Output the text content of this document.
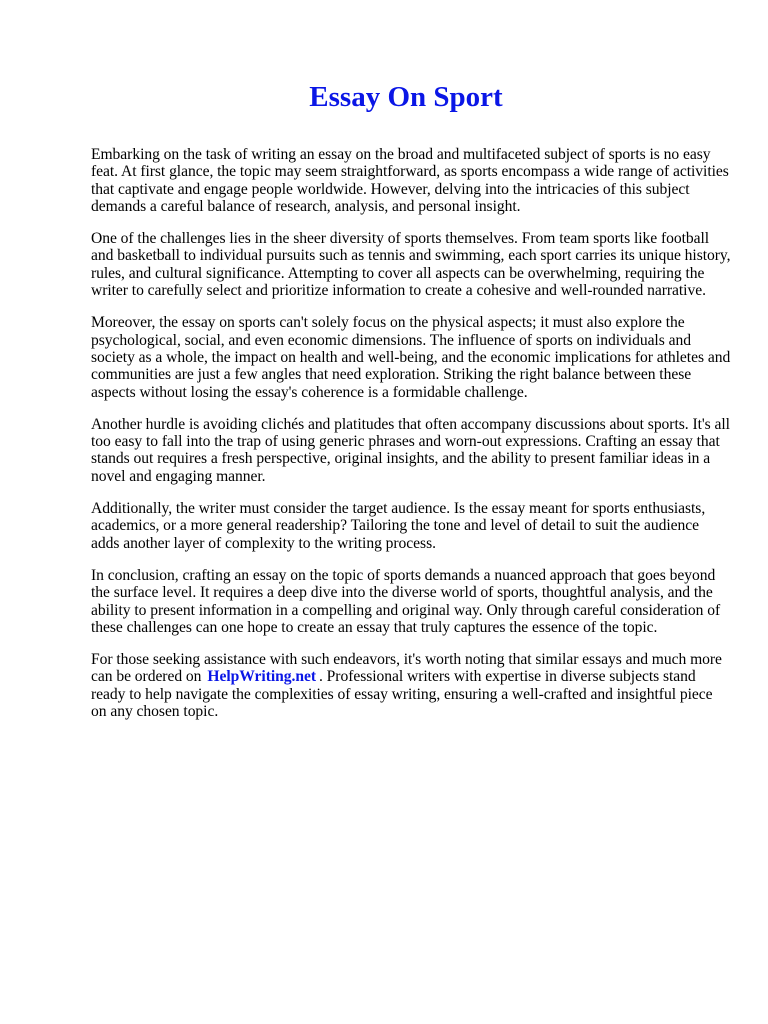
Essay On Sport

Embarking on the task of writing an essay on the broad and multifaceted subject of sports is no easy feat. At first glance, the topic may seem straightforward, as sports encompass a wide range of activities that captivate and engage people worldwide. However, delving into the intricacies of this subject demands a careful balance of research, analysis, and personal insight.

One of the challenges lies in the sheer diversity of sports themselves. From team sports like football and basketball to individual pursuits such as tennis and swimming, each sport carries its unique history, rules, and cultural significance. Attempting to cover all aspects can be overwhelming, requiring the writer to carefully select and prioritize information to create a cohesive and well-rounded narrative.

Moreover, the essay on sports can't solely focus on the physical aspects; it must also explore the psychological, social, and even economic dimensions. The influence of sports on individuals and society as a whole, the impact on health and well-being, and the economic implications for athletes and communities are just a few angles that need exploration. Striking the right balance between these aspects without losing the essay's coherence is a formidable challenge.

Another hurdle is avoiding clichés and platitudes that often accompany discussions about sports. It's all too easy to fall into the trap of using generic phrases and worn-out expressions. Crafting an essay that stands out requires a fresh perspective, original insights, and the ability to present familiar ideas in a novel and engaging manner.

Additionally, the writer must consider the target audience. Is the essay meant for sports enthusiasts, academics, or a more general readership? Tailoring the tone and level of detail to suit the audience adds another layer of complexity to the writing process.

In conclusion, crafting an essay on the topic of sports demands a nuanced approach that goes beyond the surface level. It requires a deep dive into the diverse world of sports, thoughtful analysis, and the ability to present information in a compelling and original way. Only through careful consideration of these challenges can one hope to create an essay that truly captures the essence of the topic.

For those seeking assistance with such endeavors, it's worth noting that similar essays and much more can be ordered on HelpWriting.net . Professional writers with expertise in diverse subjects stand ready to help navigate the complexities of essay writing, ensuring a well-crafted and insightful piece on any chosen topic.
